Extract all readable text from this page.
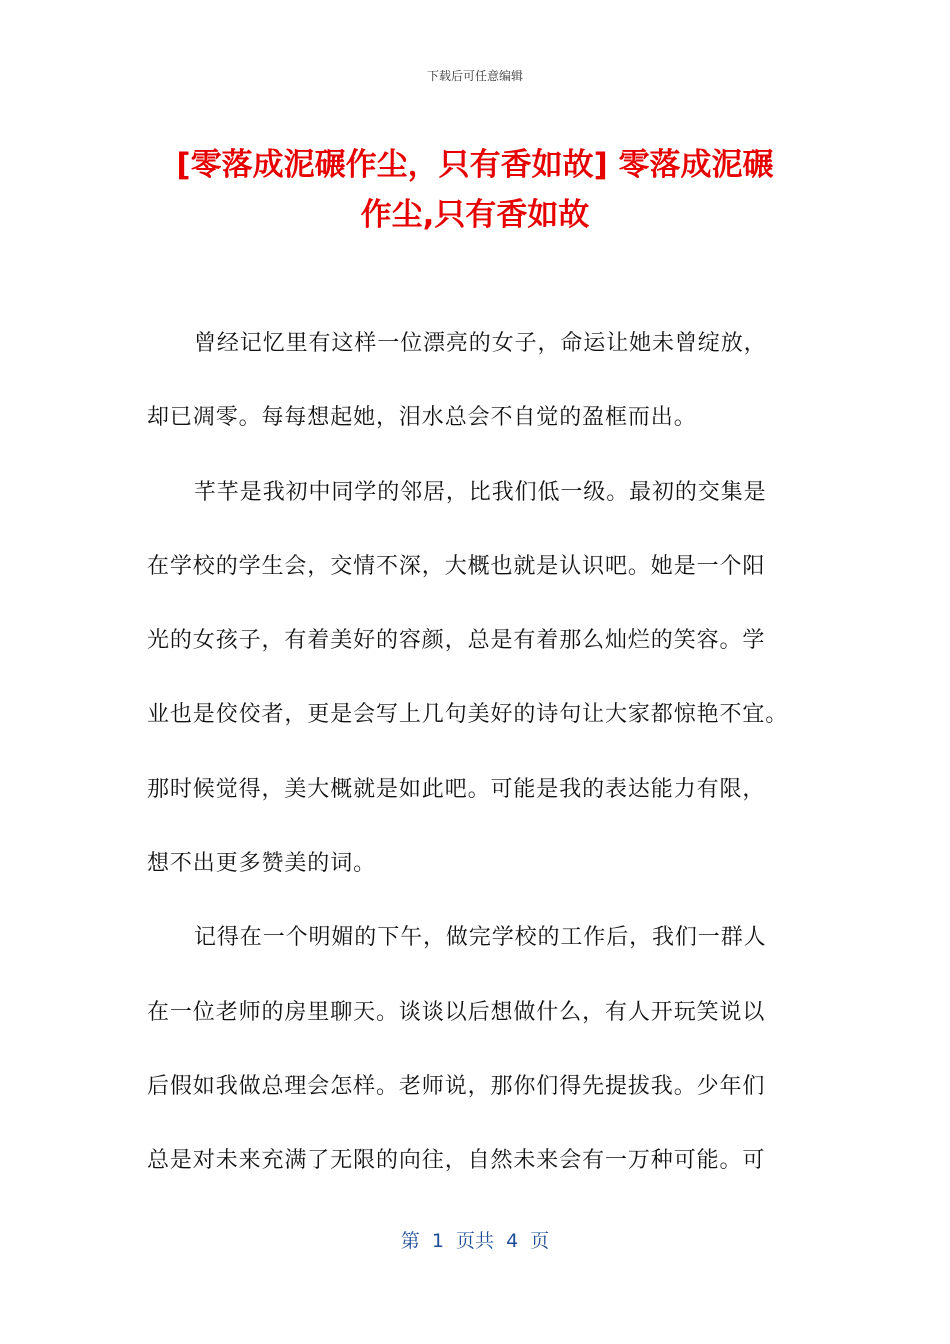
下载后可任意编辑
[零落成泥碾作尘，只有香如故] 零落成泥碾
作尘,只有香如故
曾经记忆里有这样一位漂亮的女子，命运让她未曾绽放，
却已凋零。每每想起她，泪水总会不自觉的盈框而出。
芊芊是我初中同学的邻居，比我们低一级。最初的交集是
在学校的学生会，交情不深，大概也就是认识吧。她是一个阳
光的女孩子，有着美好的容颜，总是有着那么灿烂的笑容。学
业也是佼佼者，更是会写上几句美好的诗句让大家都惊艳不宜。
那时候觉得，美大概就是如此吧。可能是我的表达能力有限，
想不出更多赞美的词。
记得在一个明媚的下午，做完学校的工作后，我们一群人
在一位老师的房里聊天。谈谈以后想做什么，有人开玩笑说以
后假如我做总理会怎样。老师说，那你们得先提拔我。少年们
总是对未来充满了无限的向往，自然未来会有一万种可能。可
第  1  页共  4  页
